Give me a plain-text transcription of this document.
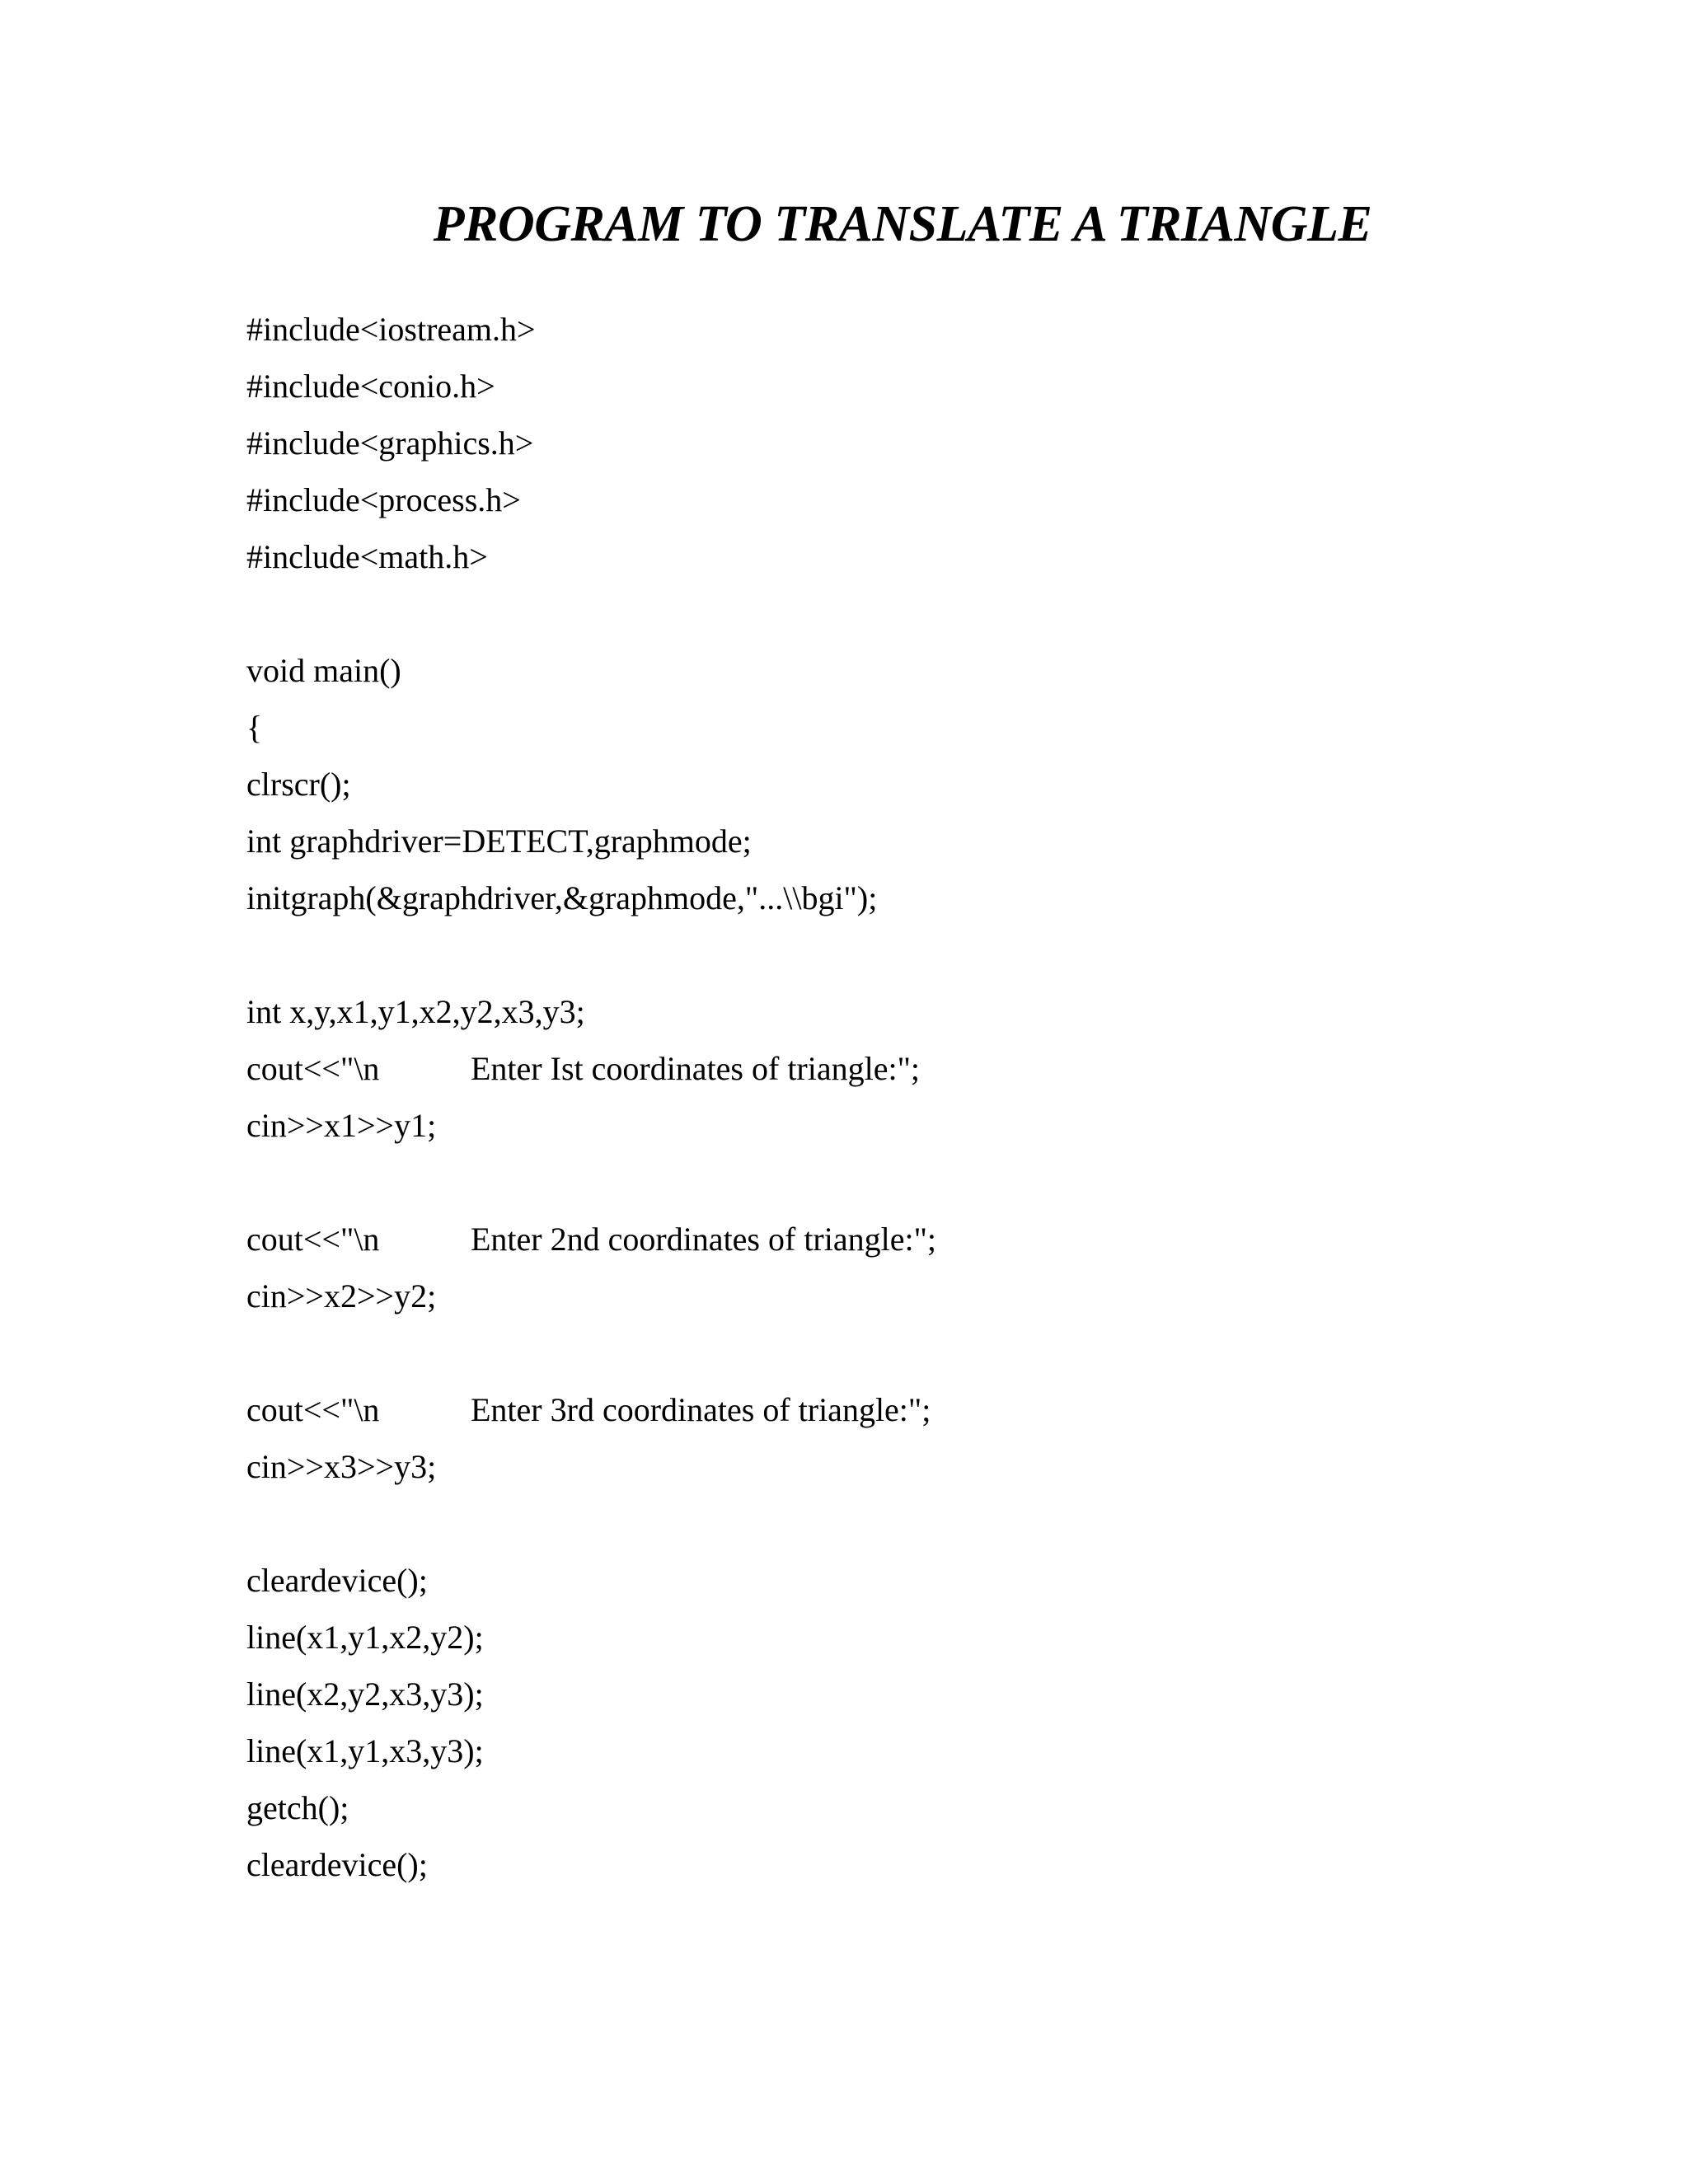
PROGRAM TO TRANSLATE A TRIANGLE
#include<iostream.h>
#include<conio.h>
#include<graphics.h>
#include<process.h>
#include<math.h>
void main()
{
clrscr();
int graphdriver=DETECT,graphmode;
initgraph(&graphdriver,&graphmode,"...\\bgi");
int x,y,x1,y1,x2,y2,x3,y3;
cout<<"\n	Enter Ist coordinates of triangle:";
cin>>x1>>y1;
cout<<"\n	Enter 2nd coordinates of triangle:";
cin>>x2>>y2;
cout<<"\n	Enter 3rd coordinates of triangle:";
cin>>x3>>y3;
cleardevice();
line(x1,y1,x2,y2);
line(x2,y2,x3,y3);
line(x1,y1,x3,y3);
getch();
cleardevice();
